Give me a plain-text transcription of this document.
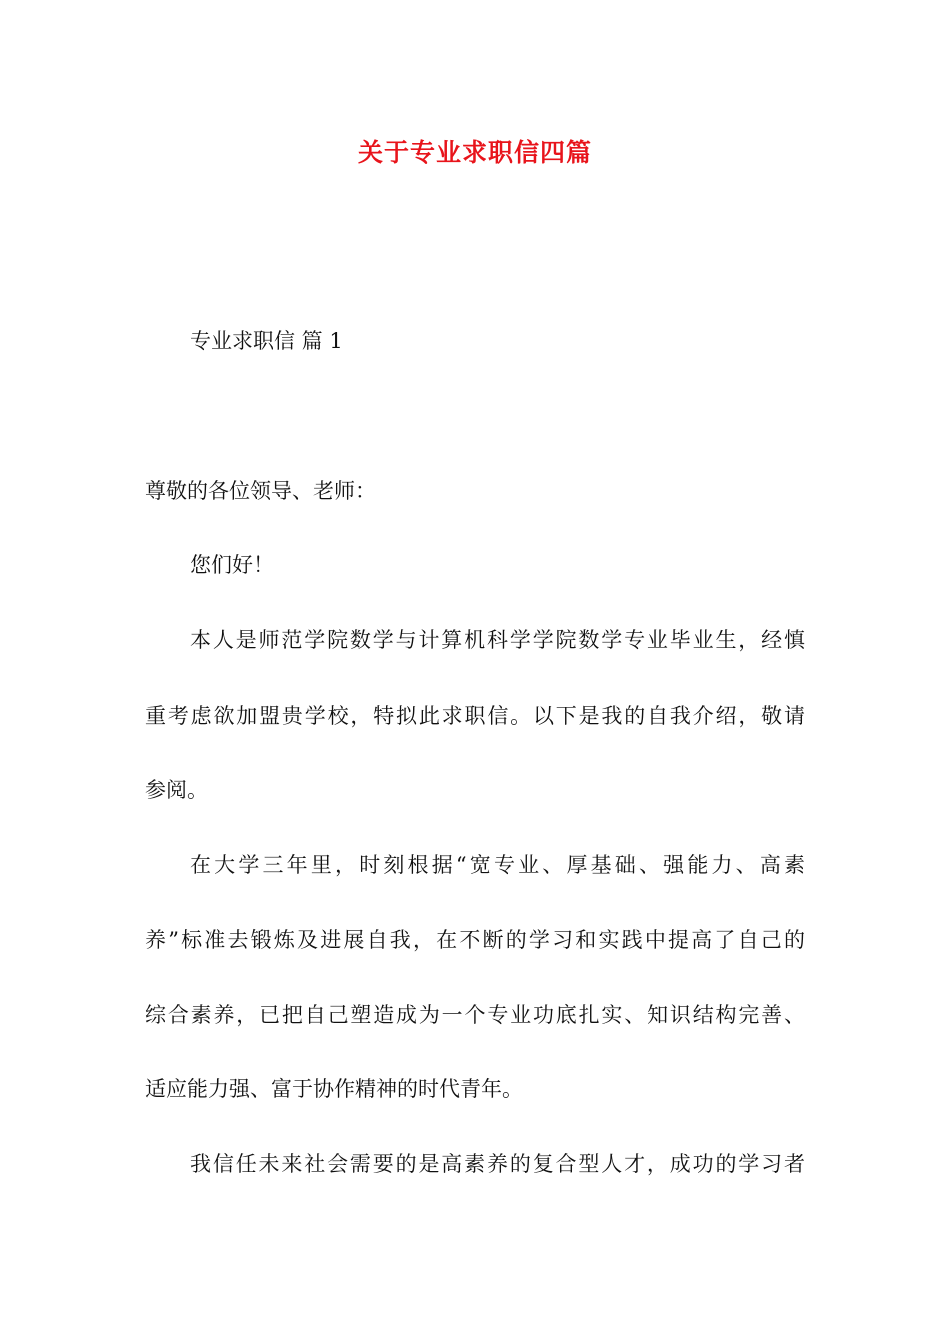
关于专业求职信四篇

专业求职信 篇 1

尊敬的各位领导、老师：

您们好！

本人是师范学院数学与计算机科学学院数学专业毕业生，经慎

重考虑欲加盟贵学校，特拟此求职信。以下是我的自我介绍，敬请

参阅。

在大学三年里，时刻根据“宽专业、厚基础、强能力、高素

养”标准去锻炼及进展自我，在不断的学习和实践中提高了自己的

综合素养，已把自己塑造成为一个专业功底扎实、知识结构完善、

适应能力强、富于协作精神的时代青年。

我信任未来社会需要的是高素养的复合型人才，成功的学习者
